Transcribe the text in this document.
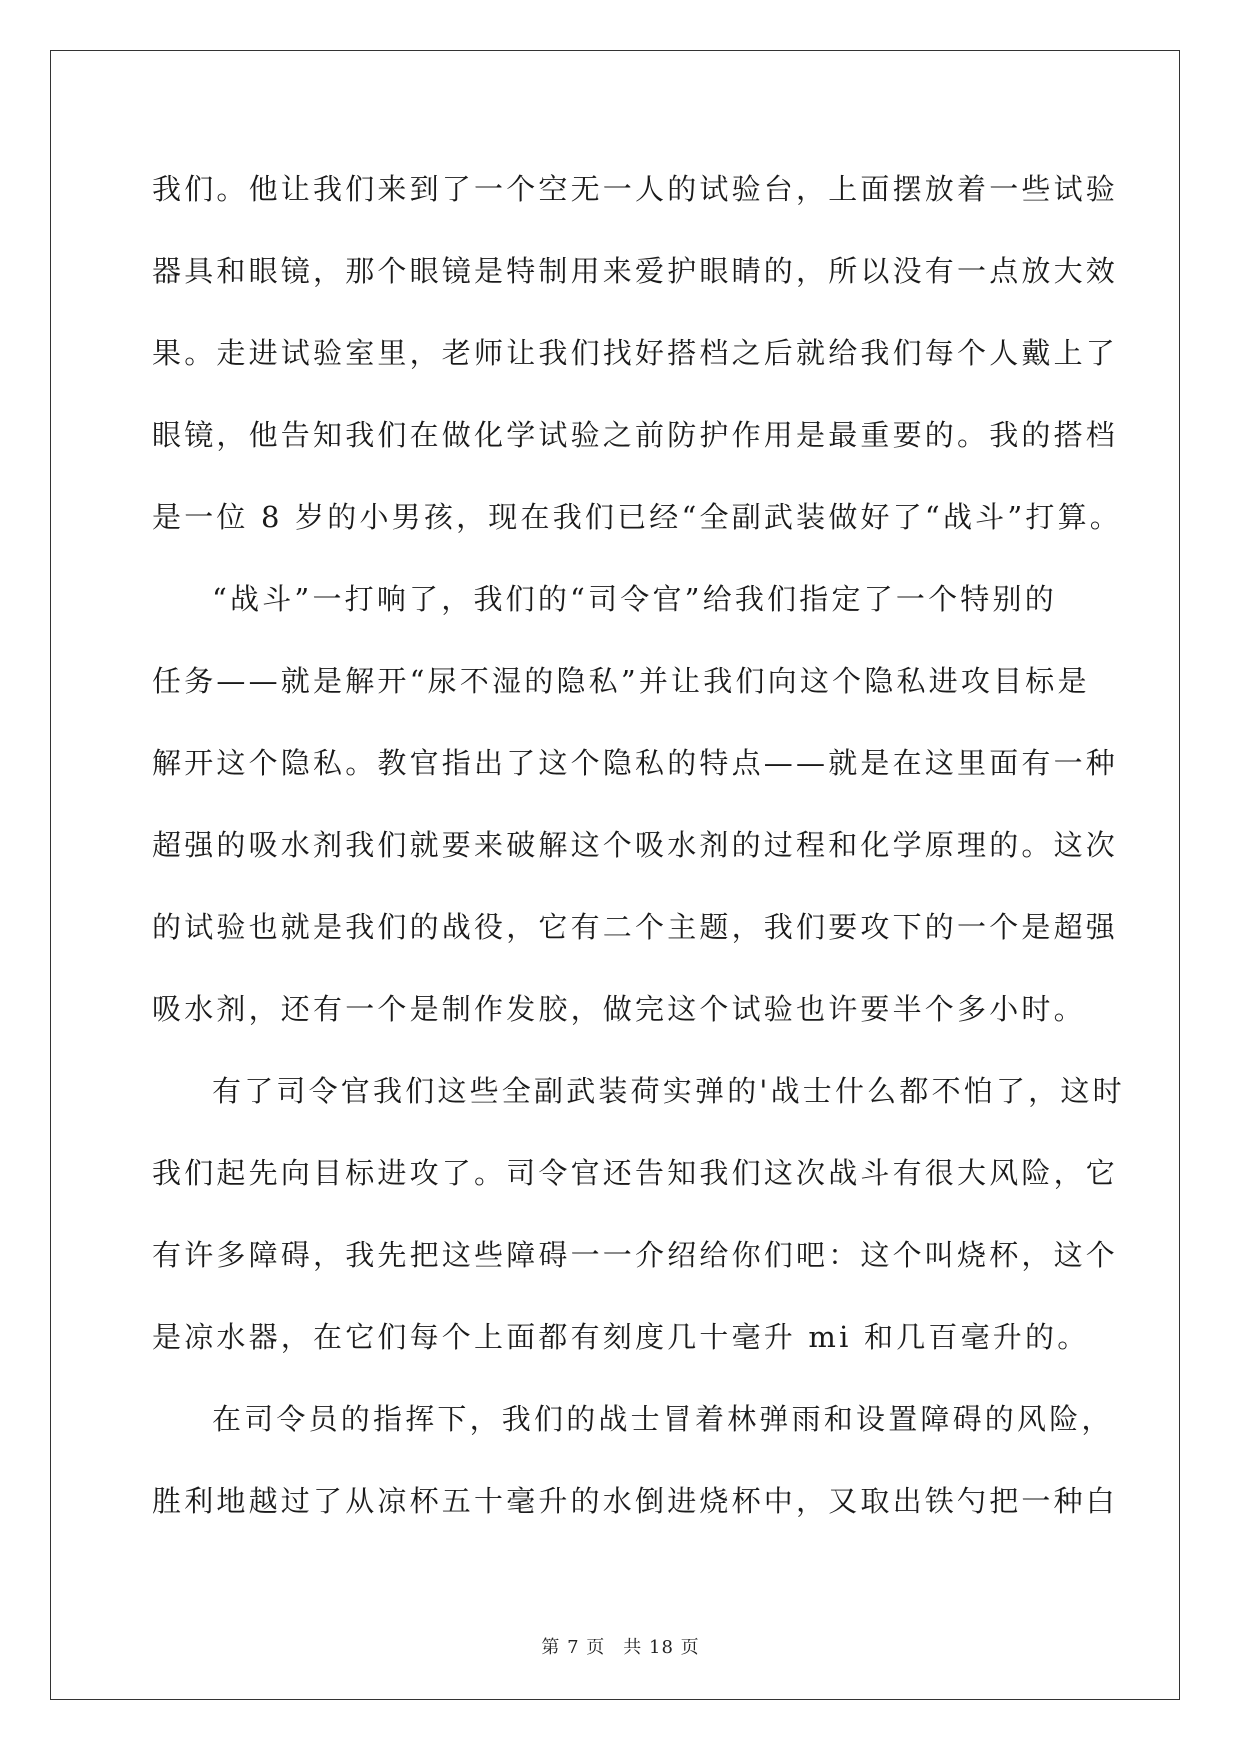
我们。他让我们来到了一个空无一人的试验台，上面摆放着一些试验
器具和眼镜，那个眼镜是特制用来爱护眼睛的，所以没有一点放大效
果。走进试验室里，老师让我们找好搭档之后就给我们每个人戴上了
眼镜，他告知我们在做化学试验之前防护作用是最重要的。我的搭档
是一位 8 岁的小男孩，现在我们已经“全副武装做好了“战斗”打算。
“战斗”一打响了，我们的“司令官”给我们指定了一个特别的
任务——就是解开“尿不湿的隐私”并让我们向这个隐私进攻目标是
解开这个隐私。教官指出了这个隐私的特点——就是在这里面有一种
超强的吸水剂我们就要来破解这个吸水剂的过程和化学原理的。这次
的试验也就是我们的战役，它有二个主题，我们要攻下的一个是超强
吸水剂，还有一个是制作发胶，做完这个试验也许要半个多小时。
有了司令官我们这些全副武装荷实弹的'战士什么都不怕了，这时
我们起先向目标进攻了。司令官还告知我们这次战斗有很大风险，它
有许多障碍，我先把这些障碍一一介绍给你们吧：这个叫烧杯，这个
是凉水器，在它们每个上面都有刻度几十毫升 mi 和几百毫升的。
在司令员的指挥下，我们的战士冒着林弹雨和设置障碍的风险，
胜利地越过了从凉杯五十毫升的水倒进烧杯中，又取出铁勺把一种白
第 7 页 共 18 页
